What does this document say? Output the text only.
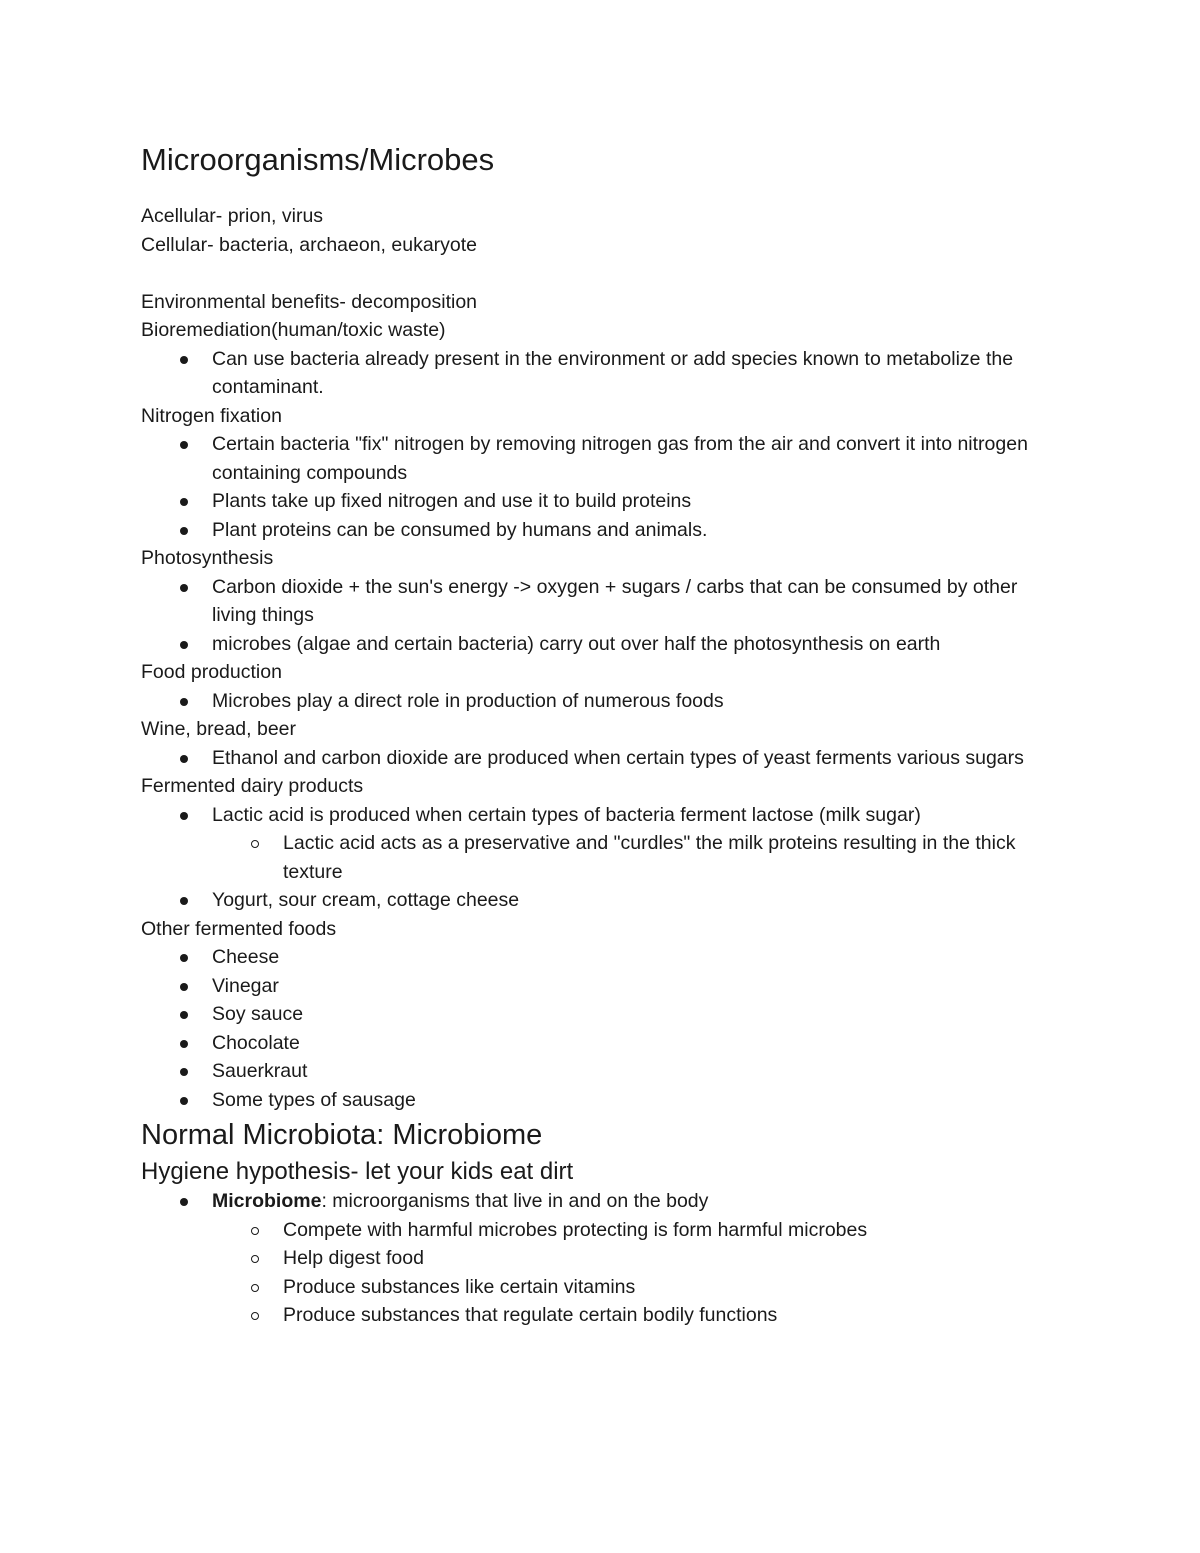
Microorganisms/Microbes

Acellular- prion, virus

Cellular- bacteria, archaeon, eukaryote

Environmental benefits- decomposition

Bioremediation(human/toxic waste)

Can use bacteria already present in the environment or add species known to metabolize the contaminant.

Nitrogen fixation

Certain bacteria "fix" nitrogen by removing nitrogen gas from the air and convert it into nitrogen containing compounds
Plants take up fixed nitrogen and use it to build proteins
Plant proteins can be consumed by humans and animals.

Photosynthesis

Carbon dioxide + the sun's energy -> oxygen + sugars / carbs that can be consumed by other living things
microbes (algae and certain bacteria) carry out over half the photosynthesis on earth

Food production

Microbes play a direct role in production of numerous foods

Wine, bread, beer

Ethanol and carbon dioxide are produced when certain types of yeast ferments various sugars

Fermented dairy products

Lactic acid is produced when certain types of bacteria ferment lactose (milk sugar)
Lactic acid acts as a preservative and "curdles" the milk proteins resulting in the thick texture
Yogurt, sour cream, cottage cheese

Other fermented foods

Cheese
Vinegar
Soy sauce
Chocolate
Sauerkraut
Some types of sausage
Normal Microbiota: Microbiome
Hygiene hypothesis- let your kids eat dirt
Microbiome: microorganisms that live in and on the body
Compete with harmful microbes protecting is form harmful microbes
Help digest food
Produce substances like certain vitamins
Produce substances that regulate certain bodily functions
